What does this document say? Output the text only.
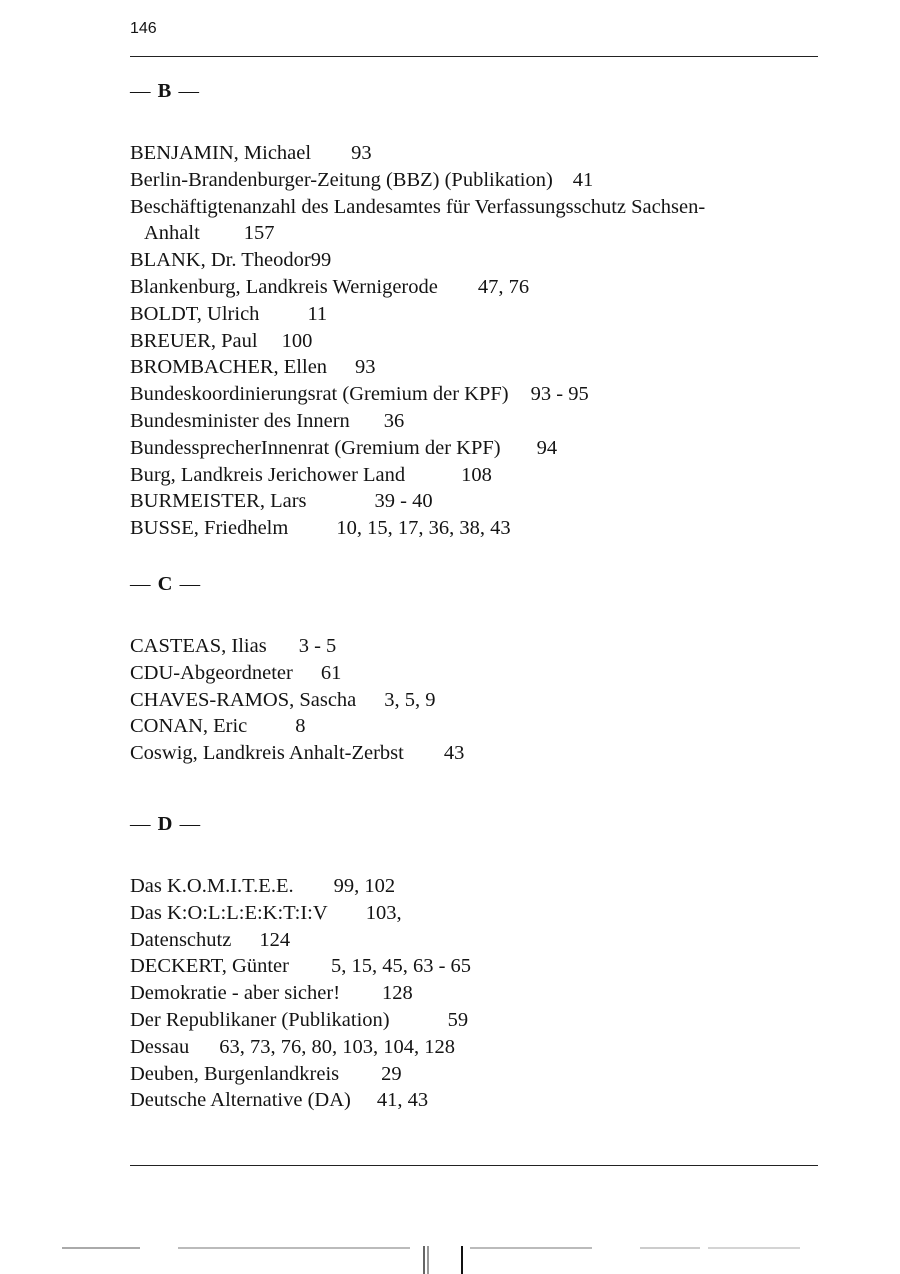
146
— B —
BENJAMIN, Michael 93
Berlin-Brandenburger-Zeitung (BBZ) (Publikation) 41
Beschäftigtenanzahl des Landesamtes für Verfassungsschutz Sachsen-
Anhalt 157
BLANK, Dr. Theodor 99
Blankenburg, Landkreis Wernigerode 47, 76
BOLDT, Ulrich 11
BREUER, Paul 100
BROMBACHER, Ellen 93
Bundeskoordinierungsrat (Gremium der KPF) 93 - 95
Bundesminister des Innern 36
BundessprecherInnenrat (Gremium der KPF) 94
Burg, Landkreis Jerichower Land	108
BURMEISTER, Lars	39 - 40
BUSSE, Friedhelm 10, 15, 17, 36, 38, 43
— C —
CASTEAS, Ilias 3 - 5
CDU-Abgeordneter 61
CHAVES-RAMOS, Sascha 3, 5, 9
CONAN, Eric 8
Coswig, Landkreis Anhalt-Zerbst 43
— D —
Das K.O.M.I.T.E.E. 99, 102
Das K:O:L:L:E:K:T:I:V 103,
Datenschutz 124
DECKERT, Günter 5, 15, 45, 63 - 65
Demokratie - aber sicher! 128
Der Republikaner (Publikation)	59
Dessau 63, 73, 76, 80, 103, 104, 128
Deuben, Burgenlandkreis 29
Deutsche Alternative (DA) 41, 43
